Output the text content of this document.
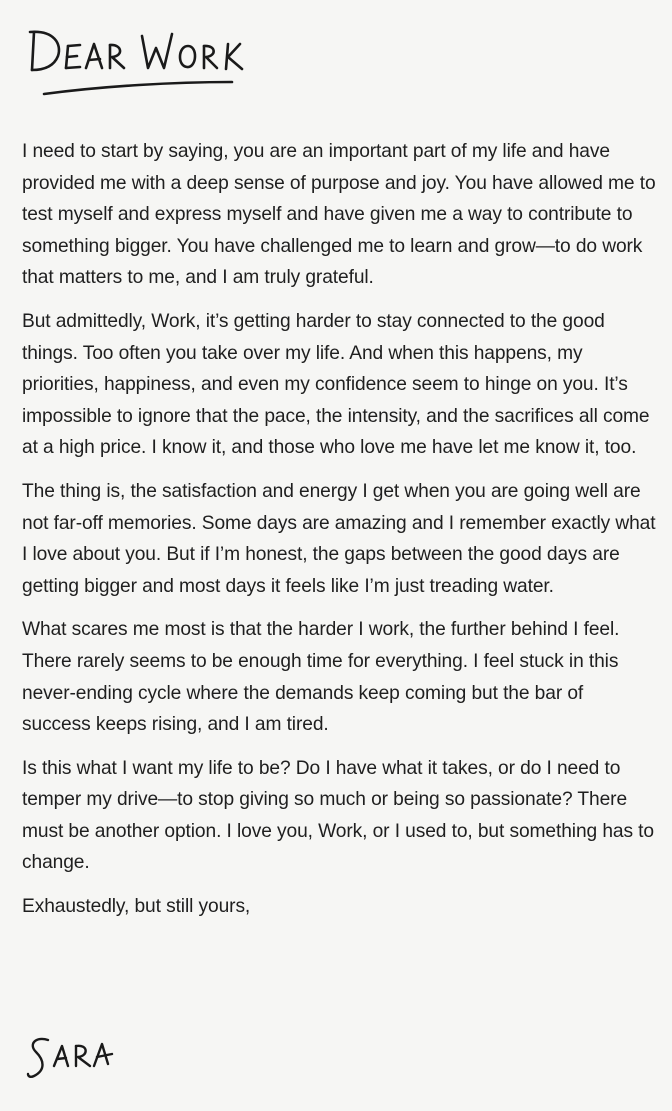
I need to start by saying, you are an important part of my life and have provided me with a deep sense of purpose and joy. You have allowed me to test myself and express myself and have given me a way to contribute to something bigger. You have challenged me to learn and grow—to do work that matters to me, and I am truly grateful.

But admittedly, Work, it’s getting harder to stay connected to the good things. Too often you take over my life. And when this happens, my priorities, happiness, and even my confidence seem to hinge on you. It’s impossible to ignore that the pace, the intensity, and the sacrifices all come at a high price. I know it, and those who love me have let me know it, too.

The thing is, the satisfaction and energy I get when you are going well are not far-off memories. Some days are amazing and I remember exactly what I love about you. But if I’m honest, the gaps between the good days are getting bigger and most days it feels like I’m just treading water.

What scares me most is that the harder I work, the further behind I feel. There rarely seems to be enough time for everything. I feel stuck in this never-ending cycle where the demands keep coming but the bar of success keeps rising, and I am tired.

Is this what I want my life to be? Do I have what it takes, or do I need to temper my drive—to stop giving so much or being so passionate? There must be another option. I love you, Work, or I used to, but something has to change.

Exhaustedly, but still yours,
